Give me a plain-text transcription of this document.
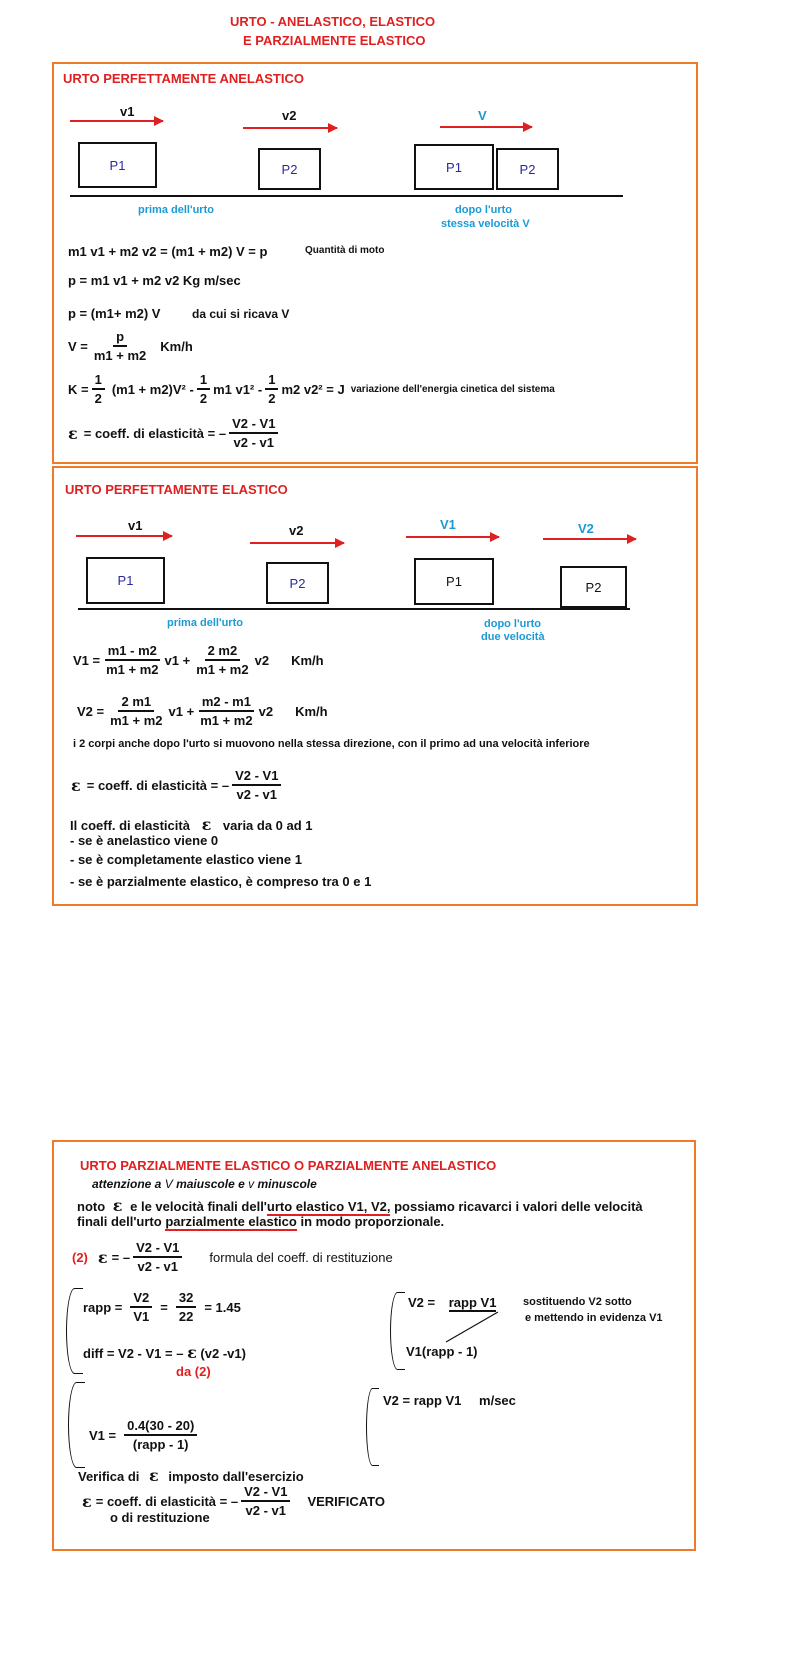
URTO - ANELASTICO, ELASTICO
E PARZIALMENTE ELASTICO
URTO PERFETTAMENTE ANELASTICO
v1	v2	V
P1	P2	P1	P2
prima dell'urto	dopo l'urto
stessa velocità V
m1 v1 + m2 v2 = (m1 + m2) V = p	Quantità di moto
p = m1 v1 + m2 v2 Kg m/sec
p = (m1+ m2) V	da cui si ricava V
$V = \frac{p}{m1 + m2} Km/h$
$K = \frac{1}{2} (m1 + m2)V^2 - \frac{1}{2} m1$ $v1^2 - \frac{1}{2} m2$ v2² = J variazione dell'energia cinetica del sistema
ε = coeff. di elasticità = – $\frac{V2 - V1}{v2 - v1}$
URTO PERFETTAMENTE ELASTICO
v1	v2	V1	V2
P1	P2	P1	P2
prima dell'urto	dopo l'urto
due velocità
$V1 = \frac{m1 - m2}{m1 + m2} v1 + \frac{2 m2}{m1 + m2} v2$ Km/h
$V2 = \frac{2 m1}{m1 + m2} v1 + \frac{m2 - m1}{m1 + m2} v2$ Km/h
i 2 corpi anche dopo l'urto si muovono nella stessa direzione, con il primo ad una velocità inferiore
ε = coeff. di elasticità = – $\frac{V2 - V1}{v2 - v1}$
Il coeff. di elasticità ε varia da 0 ad 1
- se è anelastico viene 0
- se è completamente elastico viene 1
- se è parzialmente elastico, è compreso tra 0 e 1
URTO PARZIALMENTE ELASTICO O PARZIALMENTE ANELASTICO
attenzione a V maiuscole e v minuscole
noto ε e le velocità finali dell'urto elastico V1, V2, possiamo ricavarci i valori delle velocità
finali dell'urto parzialmente elastico in modo proporzionale.
(2) ε = – $\frac{V2 - V1}{v2 - v1}$ formula del coeff. di restituzione
rapp = $\frac{V2}{V1} = \frac{32}{22} = 1.45$
diff = V2 - V1 = – ε (v2 -v1)
da (2)
$V1 = \frac{0.4(30 - 20)}{\text{(rapp - 1)}}$
V2 = rapp V1 sostituendo V2 sotto
e mettendo in evidenza V1
V1(rapp - 1)
V2 = rapp V1 m/sec
Verifica di ε imposto dall'esercizio
ε = coeff. di elasticità = – $\frac{V2 - V1}{v2 - v1}$ VERIFICATO
o di restituzione
